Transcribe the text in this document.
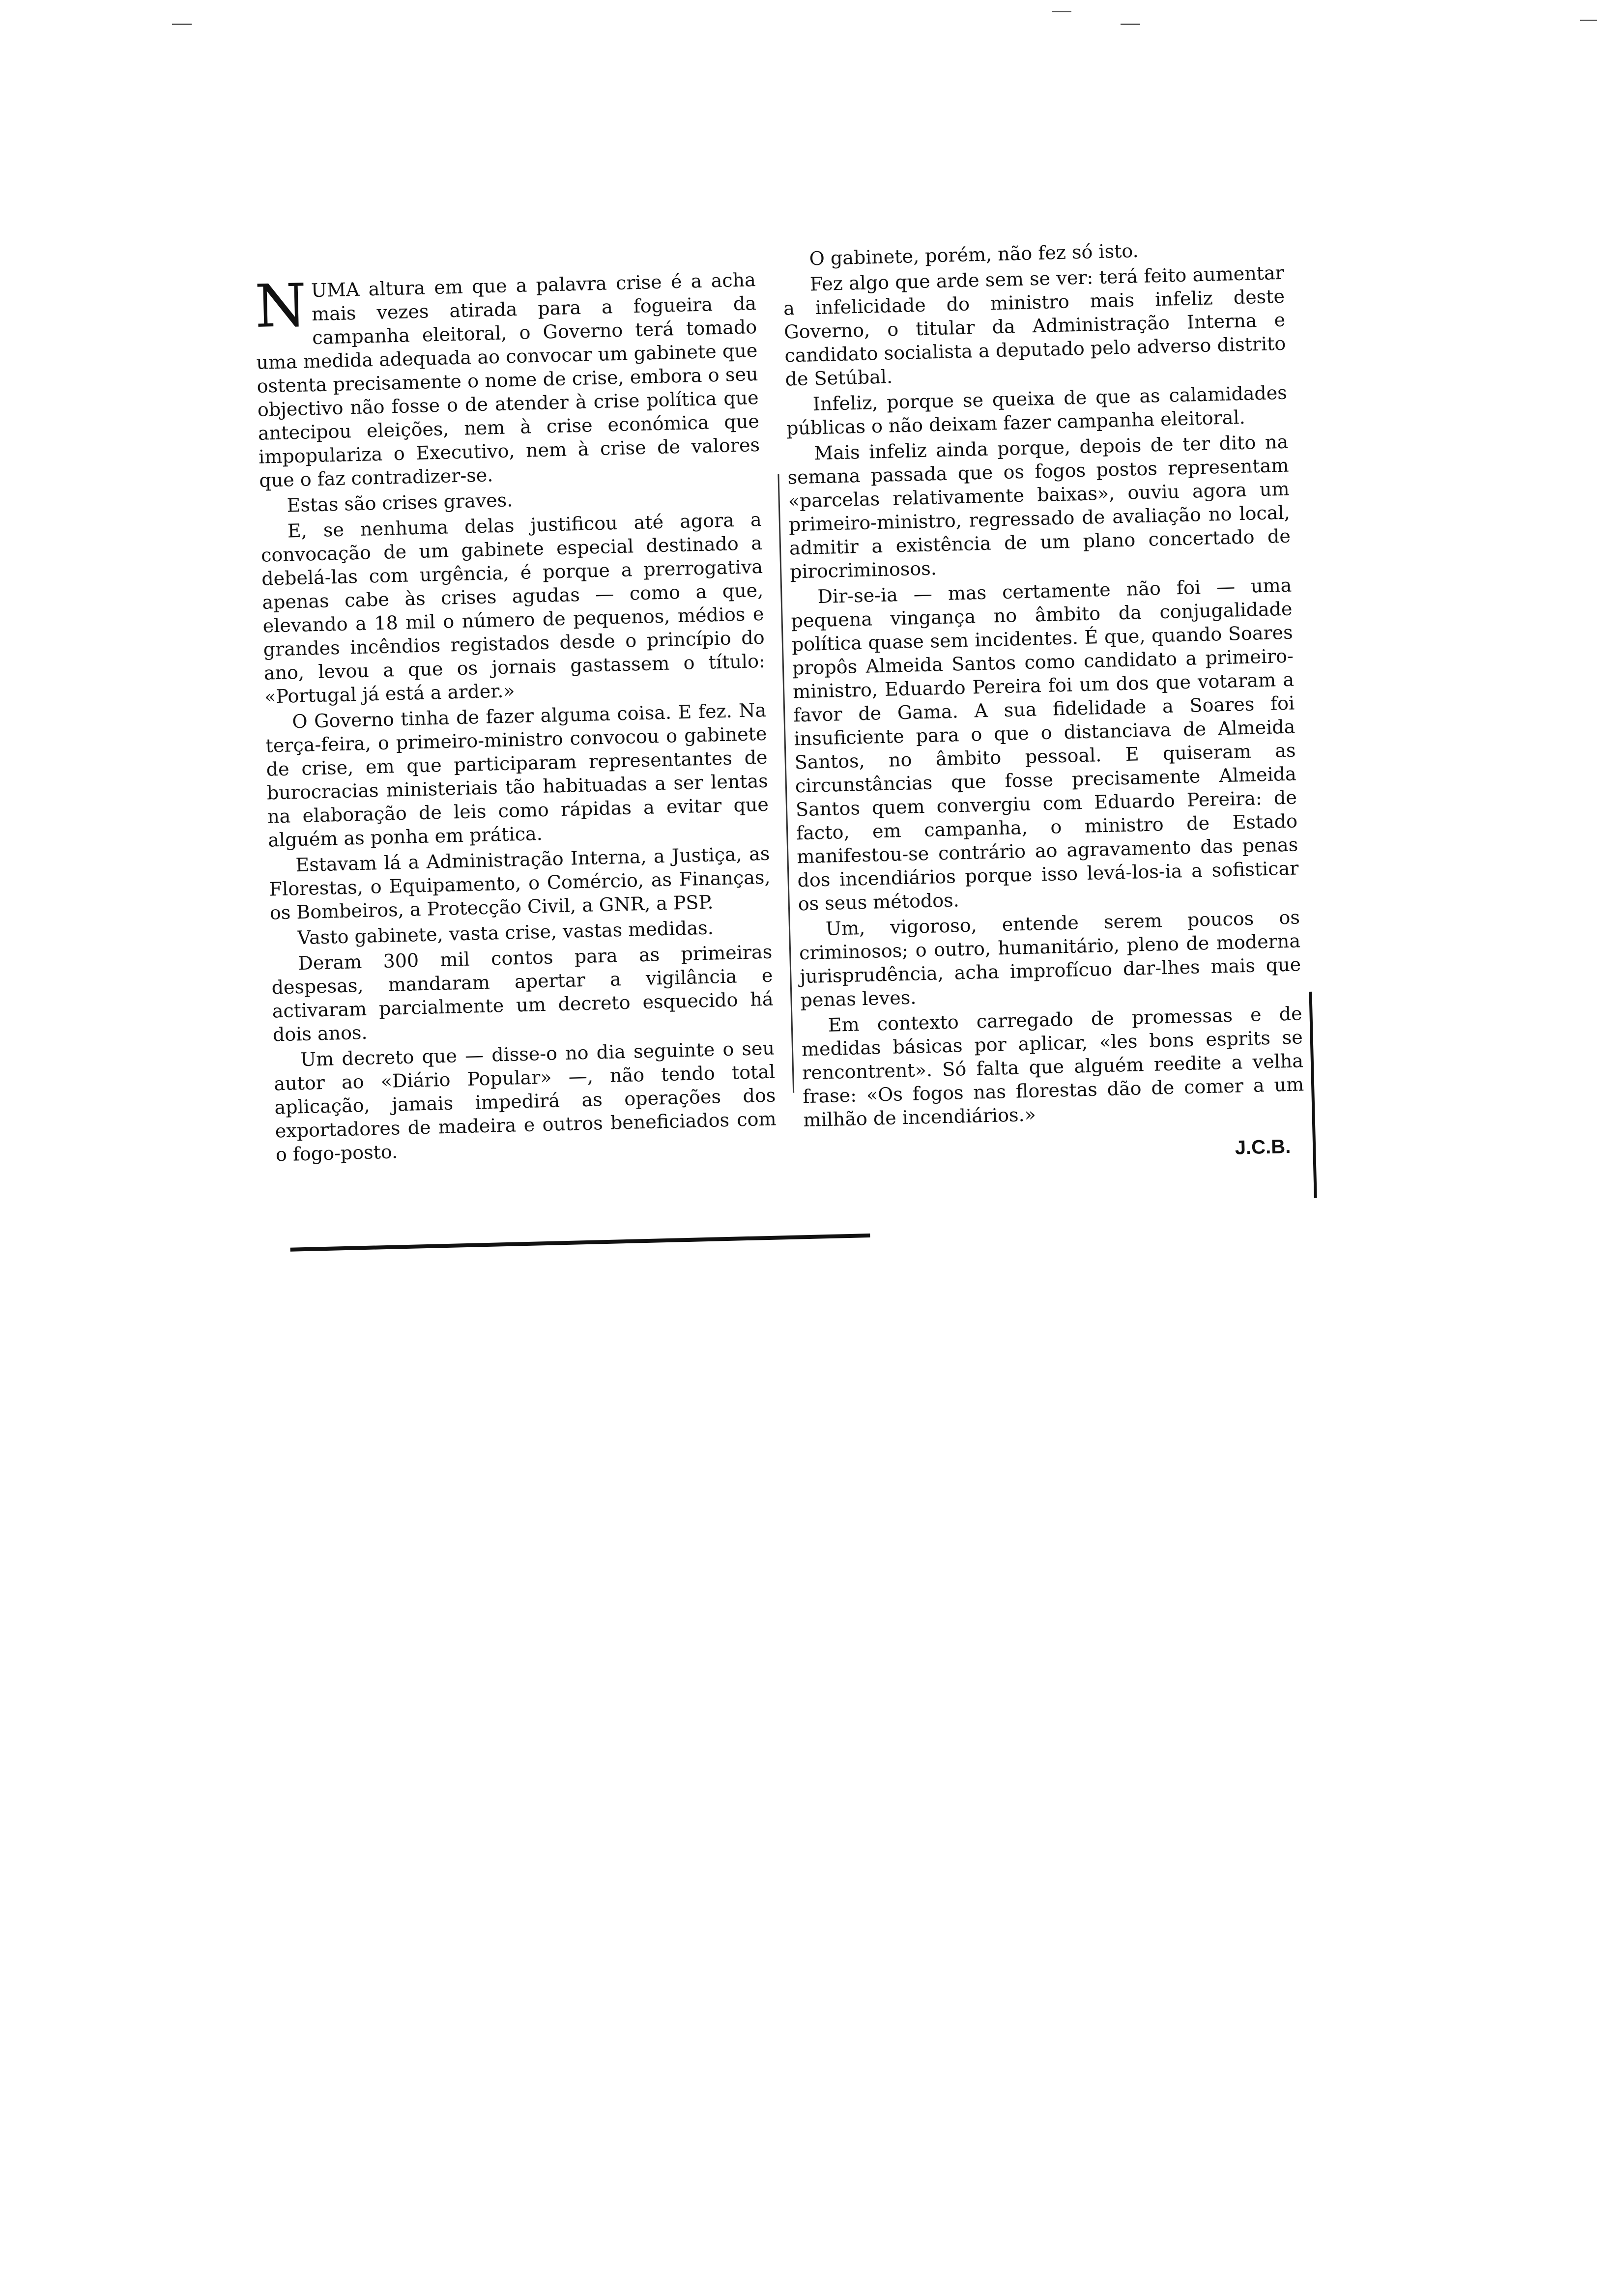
NUMA altura em que a palavra crise é a acha mais vezes atirada para a fogueira da campanha eleitoral, o Governo terá tomado uma medida adequada ao convocar um gabinete que ostenta precisamente o nome de crise, embora o seu objectivo não fosse o de atender à crise política que antecipou eleições, nem à crise económica que impopulariza o Executivo, nem à crise de valores que o faz contradizer-se.

Estas são crises graves.

E, se nenhuma delas justificou até agora a convocação de um gabinete especial destinado a debelá-las com urgência, é porque a prerrogativa apenas cabe às crises agudas — como a que, elevando a 18 mil o número de pequenos, médios e grandes incêndios registados desde o princípio do ano, levou a que os jornais gastassem o título: «Portugal já está a arder.»

O Governo tinha de fazer alguma coisa. E fez. Na terça-feira, o primeiro-ministro convocou o gabinete de crise, em que participaram representantes de burocracias ministeriais tão habituadas a ser lentas na elaboração de leis como rápidas a evitar que alguém as ponha em prática.

Estavam lá a Administração Interna, a Justiça, as Florestas, o Equipamento, o Comércio, as Finanças, os Bombeiros, a Protecção Civil, a GNR, a PSP.

Vasto gabinete, vasta crise, vastas medidas.

Deram 300 mil contos para as primeiras despesas, mandaram apertar a vigilância e activaram parcialmente um decreto esquecido há dois anos.

Um decreto que — disse-o no dia seguinte o seu autor ao «Diário Popular» —, não tendo total aplicação, jamais impedirá as operações dos exportadores de madeira e outros beneficiados com o fogo-posto.

O gabinete, porém, não fez só isto.

Fez algo que arde sem se ver: terá feito aumentar a infelicidade do ministro mais infeliz deste Governo, o titular da Administração Interna e candidato socialista a deputado pelo adverso distrito de Setúbal.

Infeliz, porque se queixa de que as calamidades públicas o não deixam fazer campanha eleitoral.

Mais infeliz ainda porque, depois de ter dito na semana passada que os fogos postos representam «parcelas relativamente baixas», ouviu agora um primeiro-ministro, regressado de avaliação no local, admitir a existência de um plano concertado de pirocriminosos.

Dir-se-ia — mas certamente não foi — uma pequena vingança no âmbito da conjugalidade política quase sem incidentes. É que, quando Soares propôs Almeida Santos como candidato a primeiro-ministro, Eduardo Pereira foi um dos que votaram a favor de Gama. A sua fidelidade a Soares foi insuficiente para o que o distanciava de Almeida Santos, no âmbito pessoal. E quiseram as circunstâncias que fosse precisamente Almeida Santos quem convergiu com Eduardo Pereira: de facto, em campanha, o ministro de Estado manifestou-se contrário ao agravamento das penas dos incendiários porque isso levá-los-ia a sofisticar os seus métodos.

Um, vigoroso, entende serem poucos os criminosos; o outro, humanitário, pleno de moderna jurisprudência, acha improfícuo dar-lhes mais que penas leves.

Em contexto carregado de promessas e de medidas básicas por aplicar, «les bons esprits se rencontrent». Só falta que alguém reedite a velha frase: «Os fogos nas florestas dão de comer a um milhão de incendiários.»

J.C.B.
